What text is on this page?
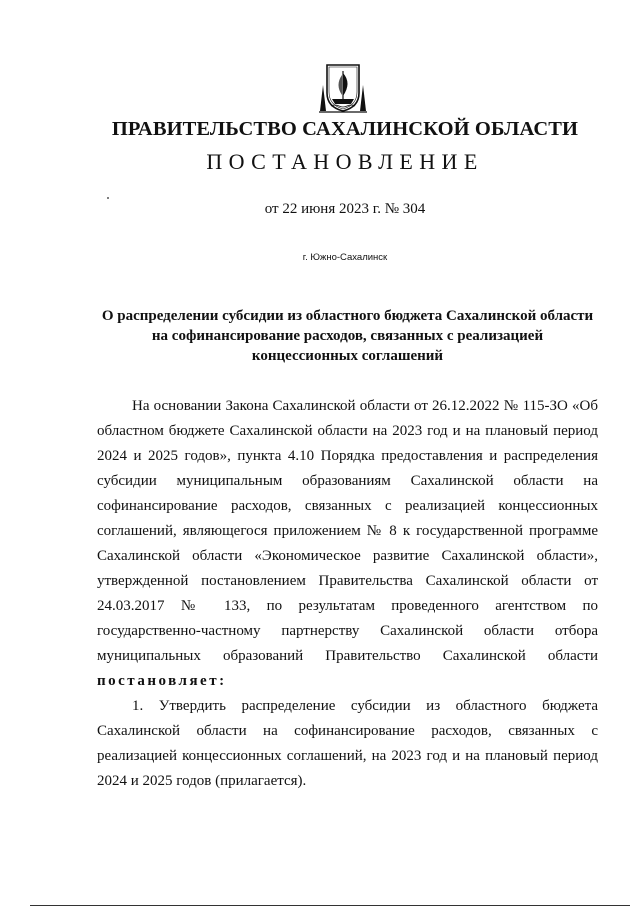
ПРАВИТЕЛЬСТВО САХАЛИНСКОЙ ОБЛАСТИ
ПОСТАНОВЛЕНИЕ
от 22 июня 2023 г. № 304
г. Южно-Сахалинск
О распределении субсидии из областного бюджета Сахалинской области
на софинансирование расходов, связанных с реализацией
концессионных соглашений

На основании Закона Сахалинской области от 26.12.2022 № 115-ЗО «Об областном бюджете Сахалинской области на 2023 год и на плановый период 2024 и 2025 годов», пункта 4.10 Порядка предоставления и распределения субсидии муниципальным образованиям Сахалинской области на софинансирование расходов, связанных с реализацией концессионных соглашений, являющегося приложением № 8 к государственной программе Сахалинской области «Экономическое развитие Сахалинской области», утвержденной постановлением Правительства Сахалинской области от 24.03.2017 № 133, по результатам проведенного агентством по государственно-частному партнерству Сахалинской области отбора муниципальных образований Правительство Сахалинской области постановляет:

1. Утвердить распределение субсидии из областного бюджета Сахалинской области на софинансирование расходов, связанных с реализацией концессионных соглашений, на 2023 год и на плановый период 2024 и 2025 годов (прилагается).
